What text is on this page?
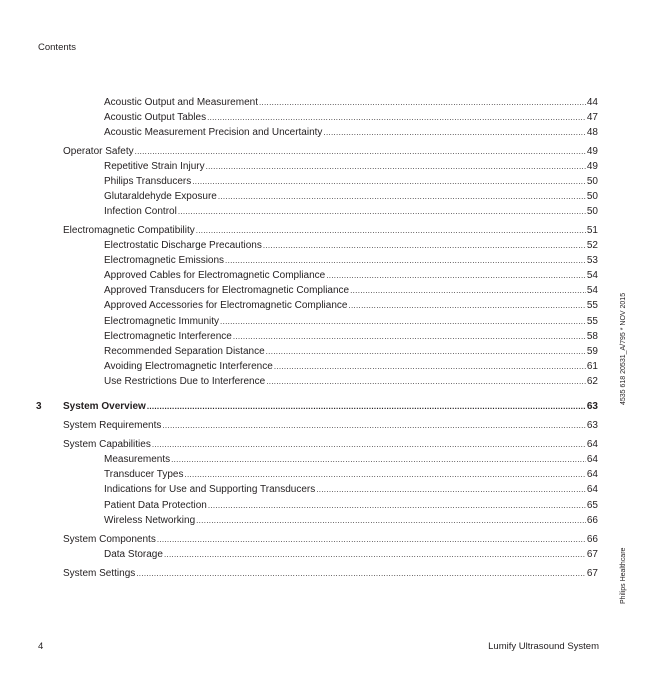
Contents
Acoustic Output and Measurement .....	44
Acoustic Output Tables .....	47
Acoustic Measurement Precision and Uncertainty .....	48
Operator Safety .....	49
Repetitive Strain Injury .....	49
Philips Transducers .....	50
Glutaraldehyde Exposure .....	50
Infection Control .....	50
Electromagnetic Compatibility .....	51
Electrostatic Discharge Precautions .....	52
Electromagnetic Emissions .....	53
Approved Cables for Electromagnetic Compliance .....	54
Approved Transducers for Electromagnetic Compliance .....	54
Approved Accessories for Electromagnetic Compliance .....	55
Electromagnetic Immunity .....	55
Electromagnetic Interference .....	58
Recommended Separation Distance .....	59
Avoiding Electromagnetic Interference .....	61
Use Restrictions Due to Interference .....	62
3 System Overview .....	63
System Requirements .....	63
System Capabilities .....	64
Measurements .....	64
Transducer Types .....	64
Indications for Use and Supporting Transducers .....	64
Patient Data Protection .....	65
Wireless Networking .....	66
System Components .....	66
Data Storage .....	67
System Settings .....	67
4535 618 20531_A/795 * NOV 2015
Philips Healthcare
4	Lumify Ultrasound System
